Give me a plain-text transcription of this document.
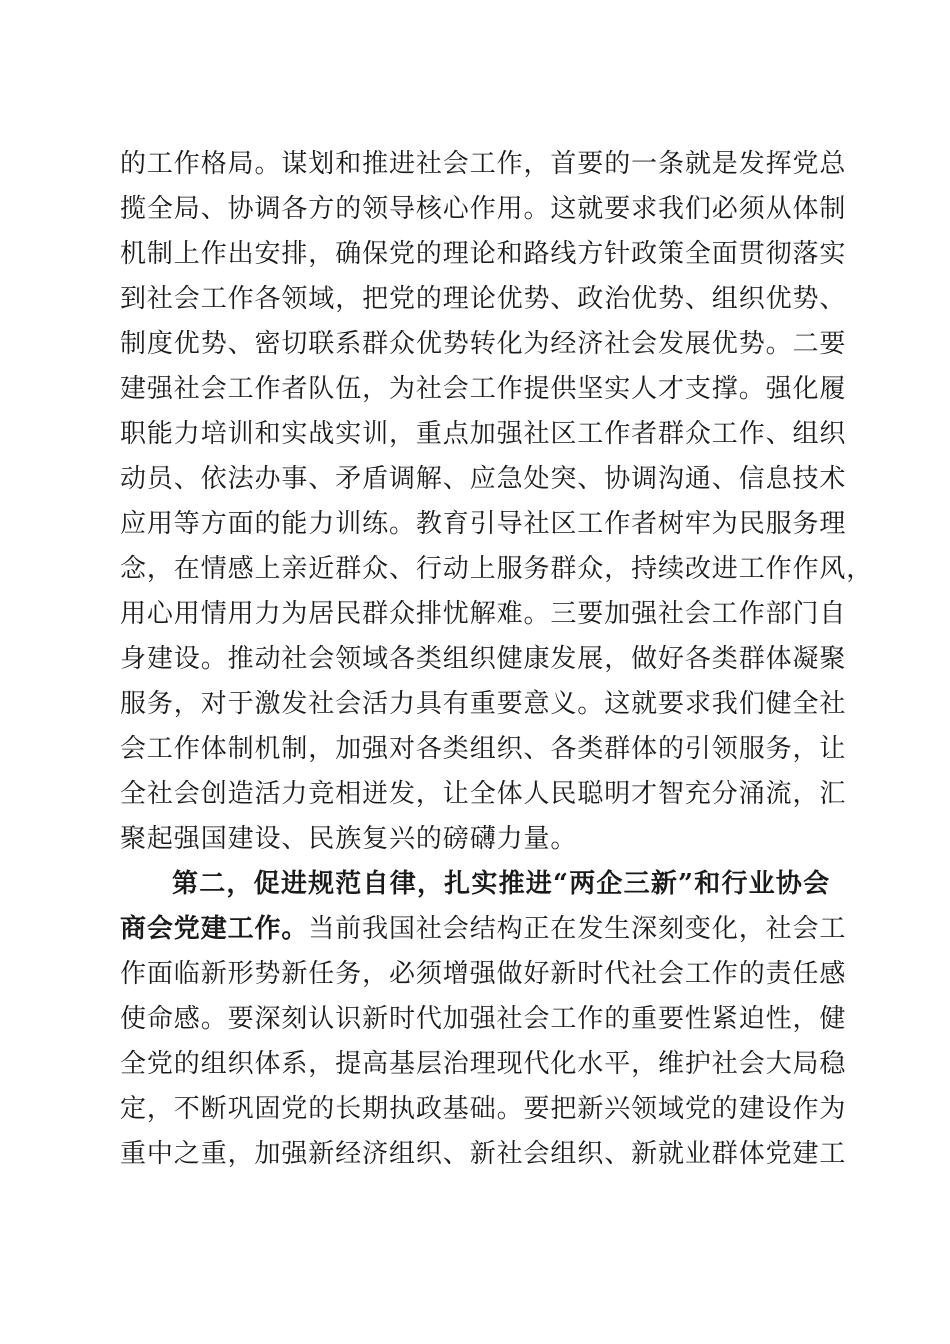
的工作格局。谋划和推进社会工作，首要的一条就是发挥党总
揽全局、协调各方的领导核心作用。这就要求我们必须从体制
机制上作出安排，确保党的理论和路线方针政策全面贯彻落实
到社会工作各领域，把党的理论优势、政治优势、组织优势、
制度优势、密切联系群众优势转化为经济社会发展优势。二要
建强社会工作者队伍，为社会工作提供坚实人才支撑。强化履
职能力培训和实战实训，重点加强社区工作者群众工作、组织
动员、依法办事、矛盾调解、应急处突、协调沟通、信息技术
应用等方面的能力训练。教育引导社区工作者树牢为民服务理
念，在情感上亲近群众、行动上服务群众，持续改进工作作风，
用心用情用力为居民群众排忧解难。三要加强社会工作部门自
身建设。推动社会领域各类组织健康发展，做好各类群体凝聚
服务，对于激发社会活力具有重要意义。这就要求我们健全社
会工作体制机制，加强对各类组织、各类群体的引领服务，让
全社会创造活力竞相迸发，让全体人民聪明才智充分涌流，汇
聚起强国建设、民族复兴的磅礴力量。
第二，促进规范自律，扎实推进“两企三新”和行业协会
商会党建工作。当前我国社会结构正在发生深刻变化，社会工
作面临新形势新任务，必须增强做好新时代社会工作的责任感
使命感。要深刻认识新时代加强社会工作的重要性紧迫性，健
全党的组织体系，提高基层治理现代化水平，维护社会大局稳
定，不断巩固党的长期执政基础。要把新兴领域党的建设作为
重中之重，加强新经济组织、新社会组织、新就业群体党建工
